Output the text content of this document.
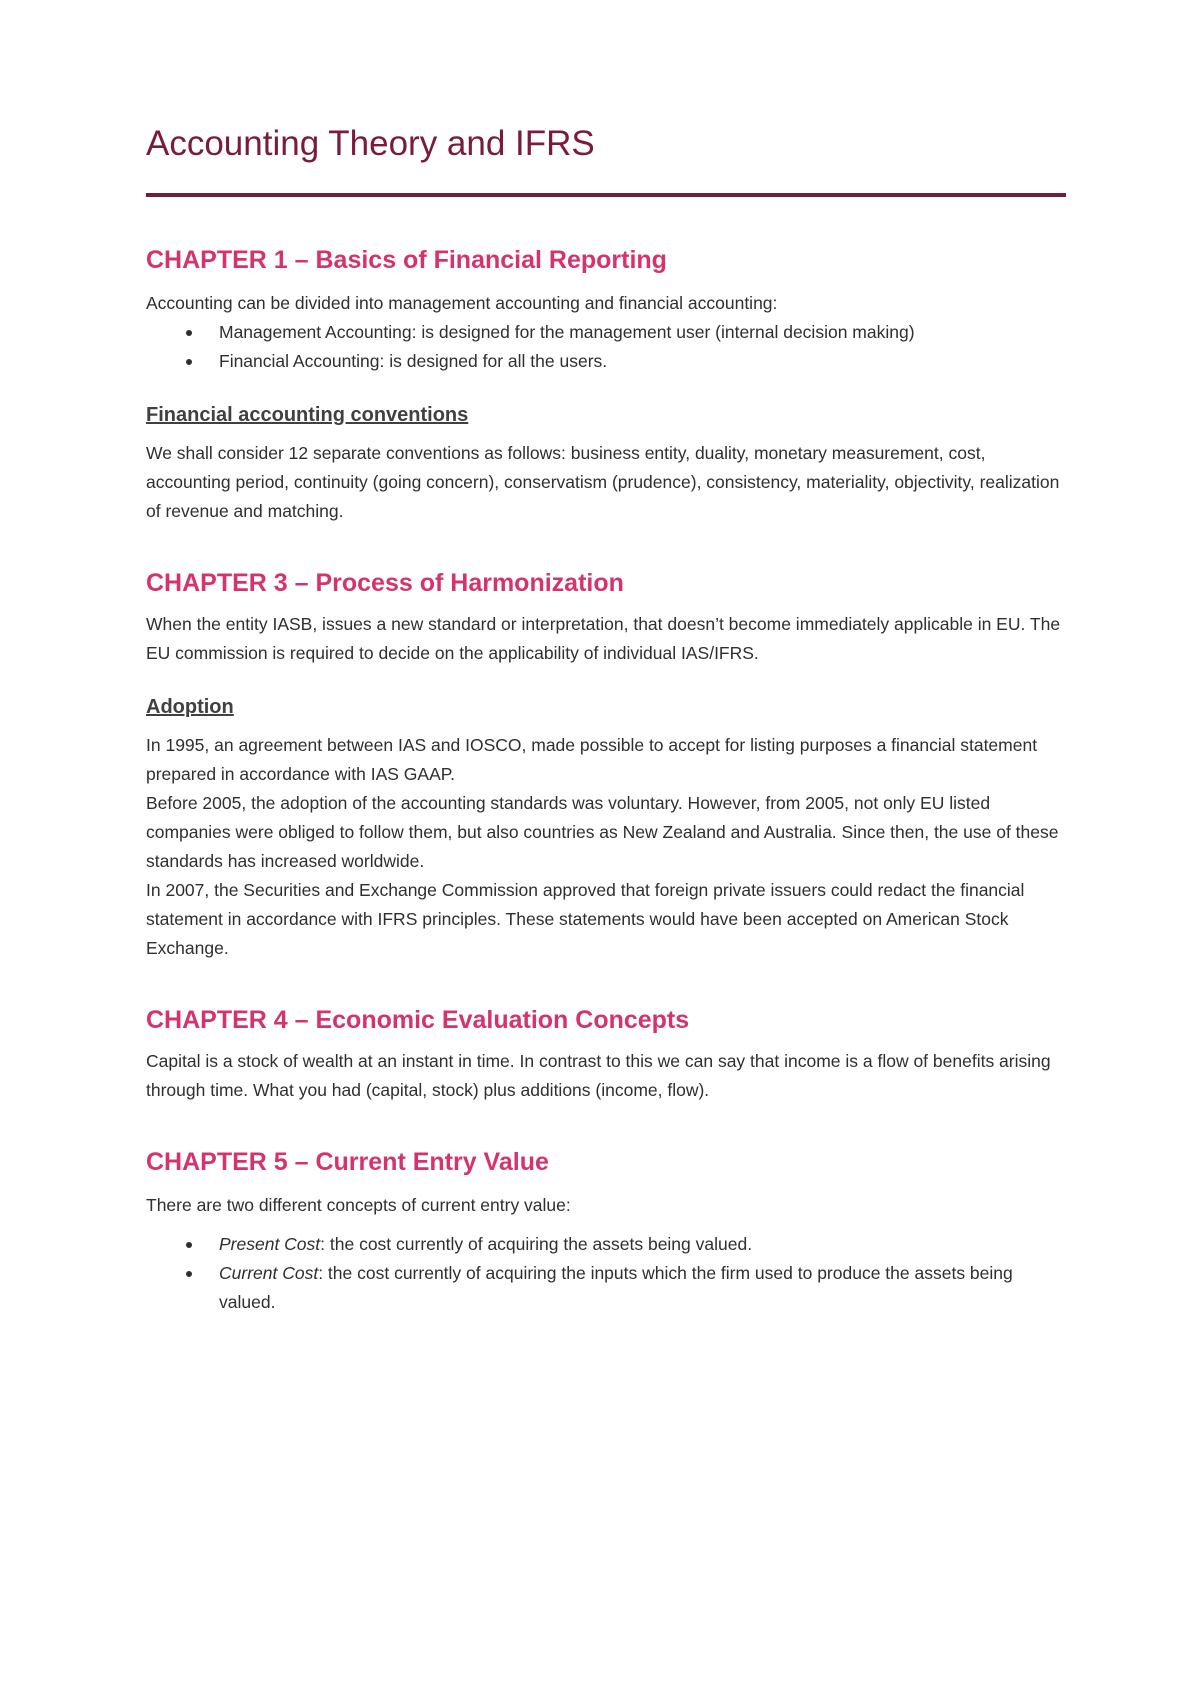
Accounting Theory and IFRS
CHAPTER 1 – Basics of Financial Reporting

Accounting can be divided into management accounting and financial accounting:

Management Accounting: is designed for the management user (internal decision making)
Financial Accounting: is designed for all the users.
Financial accounting conventions

We shall consider 12 separate conventions as follows: business entity, duality, monetary measurement, cost, accounting period, continuity (going concern), conservatism (prudence), consistency, materiality, objectivity, realization of revenue and matching.

CHAPTER 3 – Process of Harmonization

When the entity IASB, issues a new standard or interpretation, that doesn’t become immediately applicable in EU. The EU commission is required to decide on the applicability of individual IAS/IFRS.

Adoption

In 1995, an agreement between IAS and IOSCO, made possible to accept for listing purposes a financial statement prepared in accordance with IAS GAAP.

Before 2005, the adoption of the accounting standards was voluntary. However, from 2005, not only EU listed companies were obliged to follow them, but also countries as New Zealand and Australia. Since then, the use of these standards has increased worldwide.

In 2007, the Securities and Exchange Commission approved that foreign private issuers could redact the financial statement in accordance with IFRS principles. These statements would have been accepted on American Stock Exchange.

CHAPTER 4 – Economic Evaluation Concepts

Capital is a stock of wealth at an instant in time. In contrast to this we can say that income is a flow of benefits arising through time. What you had (capital, stock) plus additions (income, flow).

CHAPTER 5 – Current Entry Value

There are two different concepts of current entry value:

Present Cost: the cost currently of acquiring the assets being valued.
Current Cost: the cost currently of acquiring the inputs which the firm used to produce the assets being valued.
